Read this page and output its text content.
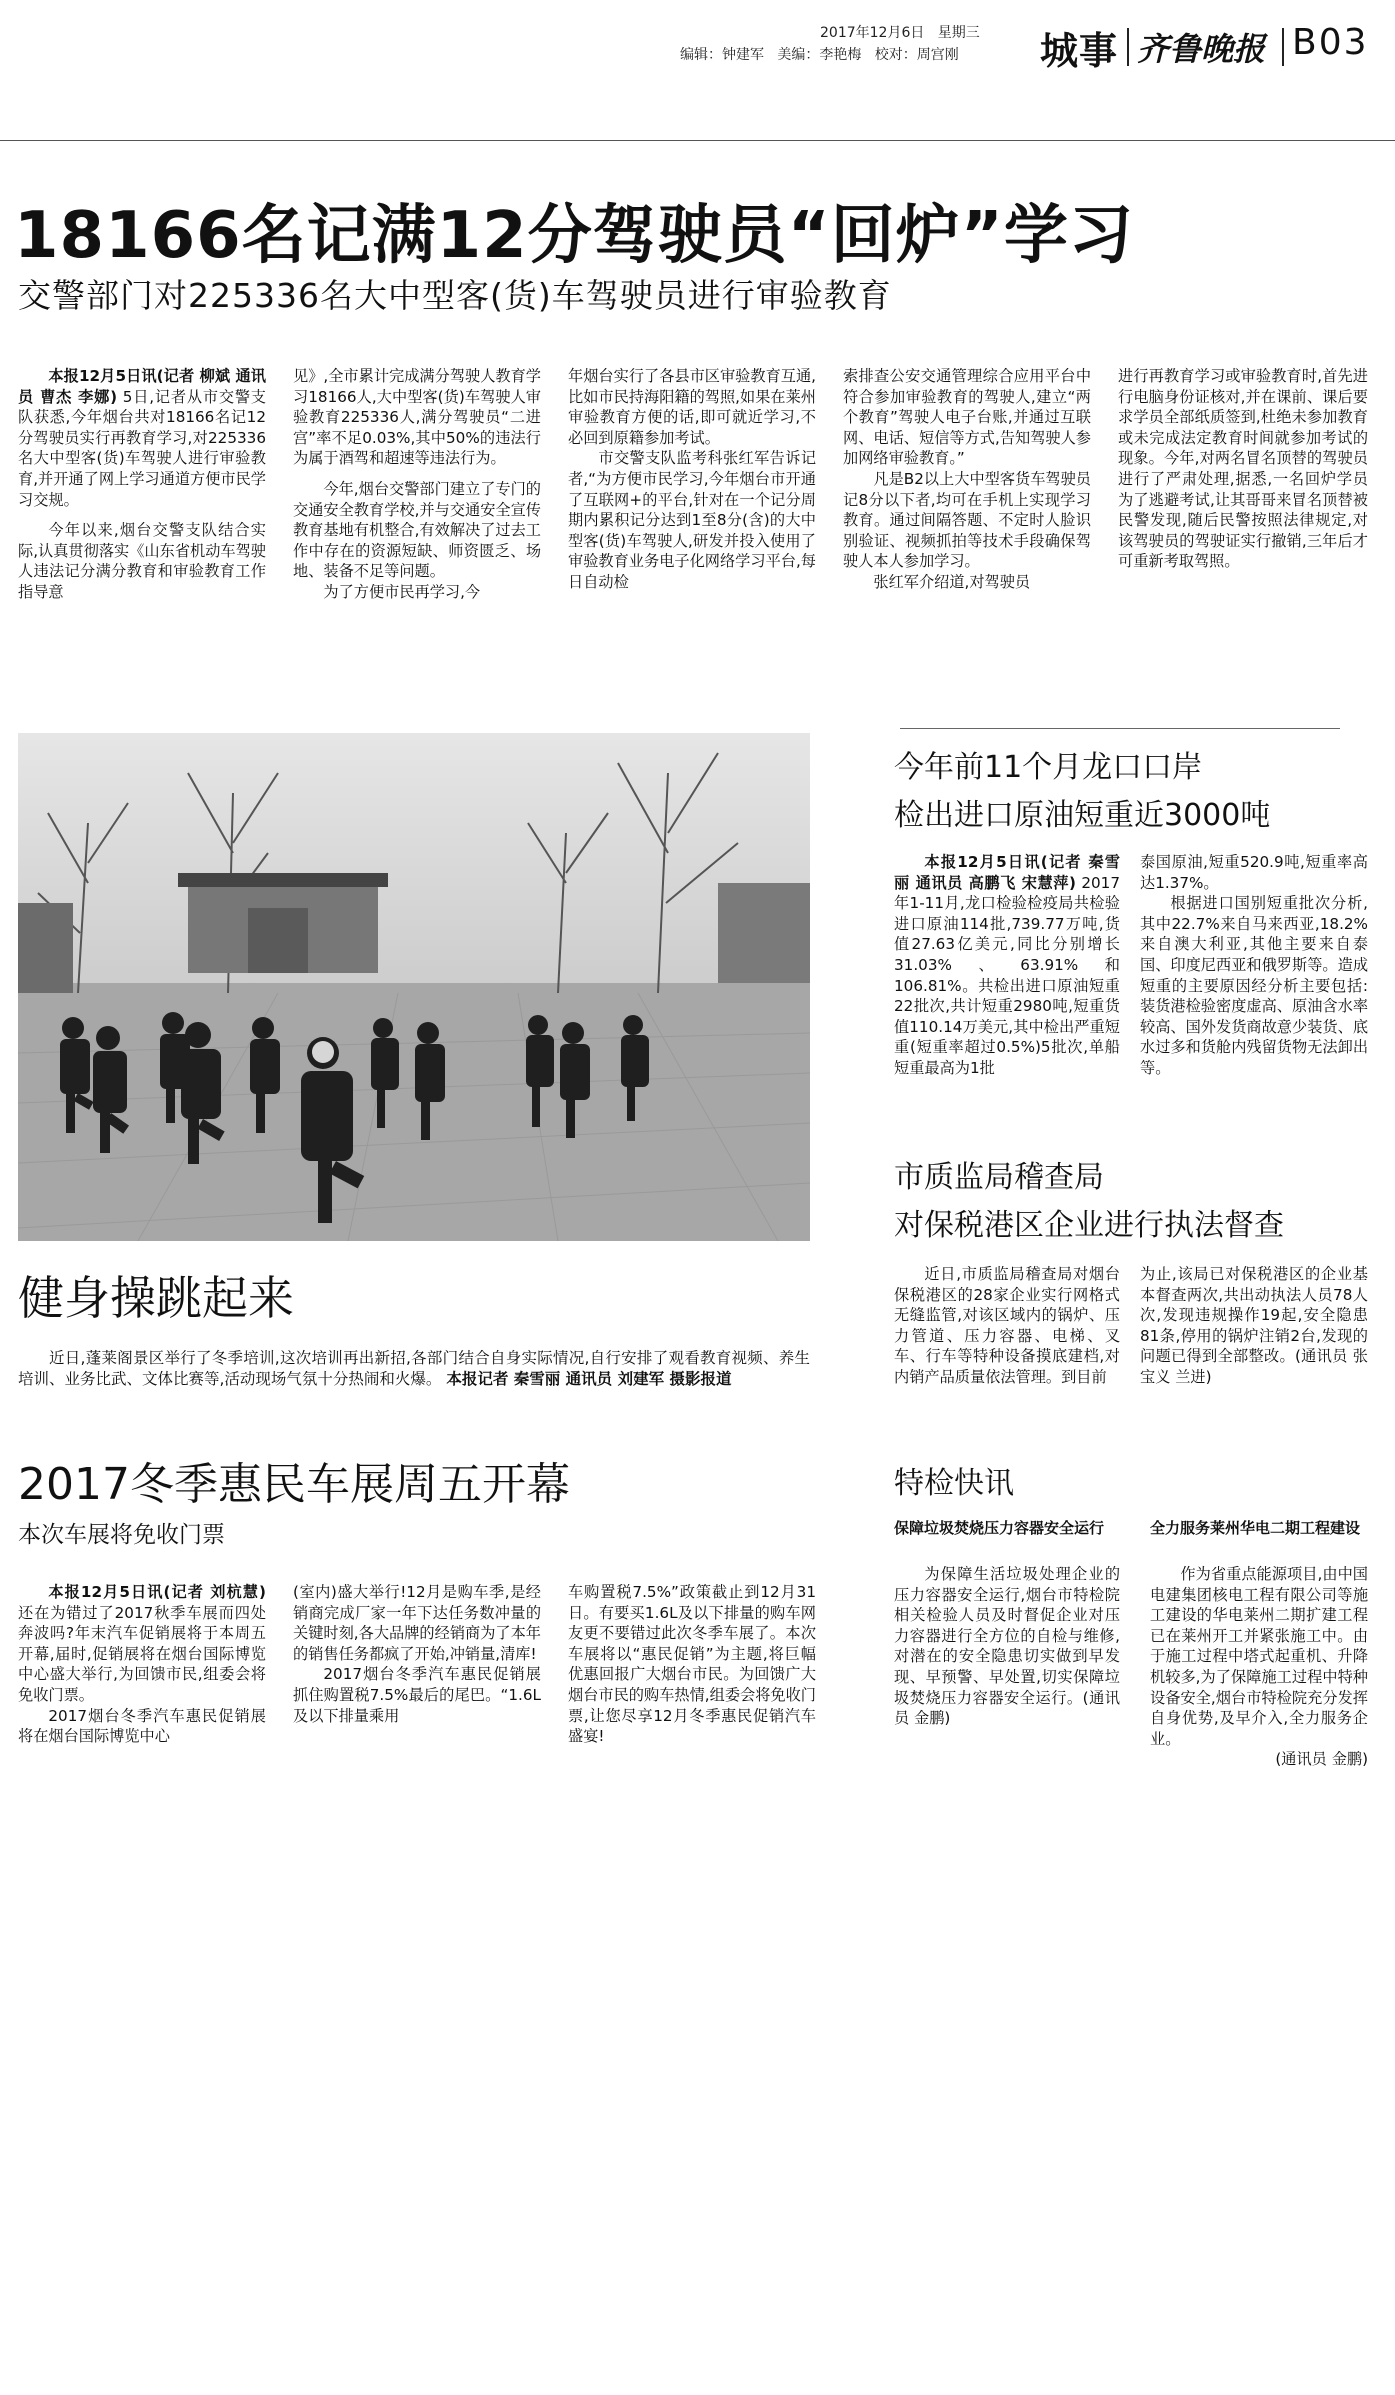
2017年12月6日 星期三
编辑：钟建军 美编：李艳梅 校对：周宫刚 城事 齐鲁晚报 B03
18166名记满12分驾驶员“回炉”学习
交警部门对225336名大中型客(货)车驾驶员进行审验教育

本报12月5日讯(记者 柳斌 通讯员 曹杰 李娜) 5日,记者从市交警支队获悉,今年烟台共对18166名记12分驾驶员实行再教育学习,对225336名大中型客(货)车驾驶人进行审验教育,并开通了网上学习通道方便市民学习交规。

今年以来,烟台交警支队结合实际,认真贯彻落实《山东省机动车驾驶人违法记分满分教育和审验教育工作指导意

见》,全市累计完成满分驾驶人教育学习18166人,大中型客(货)车驾驶人审验教育225336人,满分驾驶员“二进宫”率不足0.03%,其中50%的违法行为属于酒驾和超速等违法行为。

今年,烟台交警部门建立了专门的交通安全教育学校,并与交通安全宣传教育基地有机整合,有效解决了过去工作中存在的资源短缺、师资匮乏、场地、装备不足等问题。

为了方便市民再学习,今

年烟台实行了各县市区审验教育互通,比如市民持海阳籍的驾照,如果在莱州审验教育方便的话,即可就近学习,不必回到原籍参加考试。

市交警支队监考科张红军告诉记者,“为方便市民学习,今年烟台市开通了互联网+的平台,针对在一个记分周期内累积记分达到1至8分(含)的大中型客(货)车驾驶人,研发并投入使用了审验教育业务电子化网络学习平台,每日自动检

索排查公安交通管理综合应用平台中符合参加审验教育的驾驶人,建立“两个教育”驾驶人电子台账,并通过互联网、电话、短信等方式,告知驾驶人参加网络审验教育。”

凡是B2以上大中型客货车驾驶员记8分以下者,均可在手机上实现学习教育。通过间隔答题、不定时人脸识别验证、视频抓拍等技术手段确保驾驶人本人参加学习。

张红军介绍道,对驾驶员

进行再教育学习或审验教育时,首先进行电脑身份证核对,并在课前、课后要求学员全部纸质签到,杜绝未参加教育或未完成法定教育时间就参加考试的现象。今年,对两名冒名顶替的驾驶员进行了严肃处理,据悉,一名回炉学员为了逃避考试,让其哥哥来冒名顶替被民警发现,随后民警按照法律规定,对该驾驶员的驾驶证实行撤销,三年后才可重新考取驾照。

健身操跳起来

近日,蓬莱阁景区举行了冬季培训,这次培训再出新招,各部门结合自身实际情况,自行安排了观看教育视频、养生培训、业务比武、文体比赛等,活动现场气氛十分热闹和火爆。 本报记者 秦雪丽 通讯员 刘建军 摄影报道

2017冬季惠民车展周五开幕
本次车展将免收门票

本报12月5日讯(记者 刘杭慧) 还在为错过了2017秋季车展而四处奔波吗?年末汽车促销展将于本周五开幕,届时,促销展将在烟台国际博览中心盛大举行,为回馈市民,组委会将免收门票。

2017烟台冬季汽车惠民促销展将在烟台国际博览中心

(室内)盛大举行!12月是购车季,是经销商完成厂家一年下达任务数冲量的关键时刻,各大品牌的经销商为了本年的销售任务都疯了开始,冲销量,清库!

2017烟台冬季汽车惠民促销展抓住购置税7.5%最后的尾巴。“1.6L及以下排量乘用

车购置税7.5%”政策截止到12月31日。有要买1.6L及以下排量的购车网友更不要错过此次冬季车展了。本次车展将以“惠民促销”为主题,将巨幅优惠回报广大烟台市民。为回馈广大烟台市民的购车热情,组委会将免收门票,让您尽享12月冬季惠民促销汽车盛宴!

今年前11个月龙口口岸
检出进口原油短重近3000吨

本报12月5日讯(记者 秦雪丽 通讯员 高鹏飞 宋慧萍) 2017年1-11月,龙口检验检疫局共检验进口原油114批,739.77万吨,货值27.63亿美元,同比分别增长31.03%、63.91%和106.81%。共检出进口原油短重22批次,共计短重2980吨,短重货值110.14万美元,其中检出严重短重(短重率超过0.5%)5批次,单船短重最高为1批

泰国原油,短重520.9吨,短重率高达1.37%。

根据进口国别短重批次分析,其中22.7%来自马来西亚,18.2%来自澳大利亚,其他主要来自泰国、印度尼西亚和俄罗斯等。造成短重的主要原因经分析主要包括:装货港检验密度虚高、原油含水率较高、国外发货商故意少装货、底水过多和货舱内残留货物无法卸出等。

市质监局稽查局
对保税港区企业进行执法督查

近日,市质监局稽查局对烟台保税港区的28家企业实行网格式无缝监管,对该区域内的锅炉、压力管道、压力容器、电梯、叉车、行车等特种设备摸底建档,对内销产品质量依法管理。到目前

为止,该局已对保税港区的企业基本督查两次,共出动执法人员78人次,发现违规操作19起,安全隐患81条,停用的锅炉注销2台,发现的问题已得到全部整改。(通讯员 张宝义 兰进)

特检快讯
保障垃圾焚烧压力容器安全运行

为保障生活垃圾处理企业的压力容器安全运行,烟台市特检院相关检验人员及时督促企业对压力容器进行全方位的自检与维修,对潜在的安全隐患切实做到早发现、早预警、早处置,切实保障垃圾焚烧压力容器安全运行。(通讯员 金鹏)

全力服务莱州华电二期工程建设

作为省重点能源项目,由中国电建集团核电工程有限公司等施工建设的华电莱州二期扩建工程已在莱州开工并紧张施工中。由于施工过程中塔式起重机、升降机较多,为了保障施工过程中特种设备安全,烟台市特检院充分发挥自身优势,及早介入,全力服务企业。

(通讯员 金鹏)
